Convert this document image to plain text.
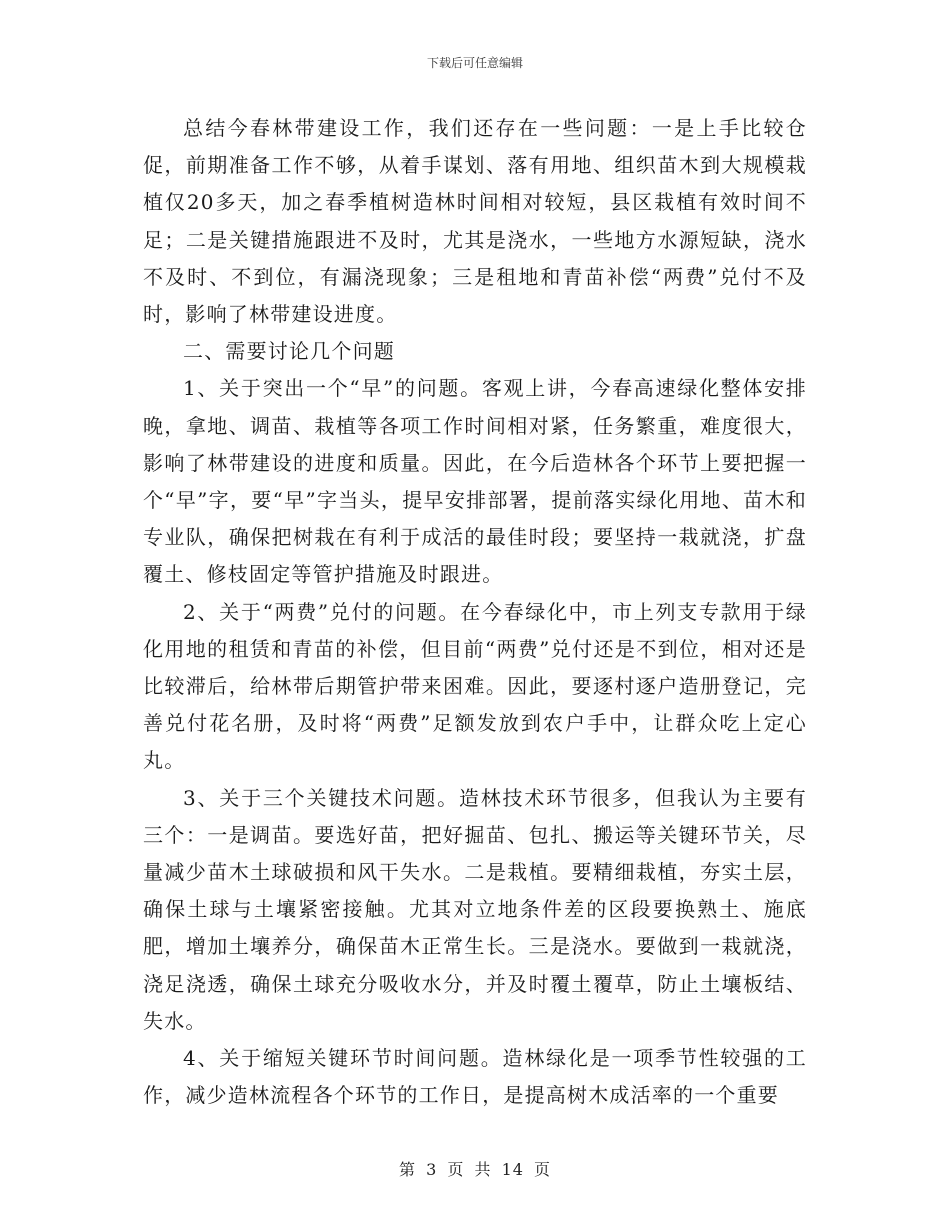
下载后可任意编辑

总结今春林带建设工作，我们还存在一些问题：一是上手比较仓促，前期准备工作不够，从着手谋划、落有用地、组织苗木到大规模栽植仅20多天，加之春季植树造林时间相对较短，县区栽植有效时间不足；二是关键措施跟进不及时，尤其是浇水，一些地方水源短缺，浇水不及时、不到位，有漏浇现象；三是租地和青苗补偿“两费”兑付不及时，影响了林带建设进度。

二、需要讨论几个问题

1、关于突出一个“早”的问题。客观上讲，今春高速绿化整体安排晚，拿地、调苗、栽植等各项工作时间相对紧，任务繁重，难度很大，影响了林带建设的进度和质量。因此，在今后造林各个环节上要把握一个“早”字，要“早”字当头，提早安排部署，提前落实绿化用地、苗木和专业队，确保把树栽在有利于成活的最佳时段；要坚持一栽就浇，扩盘覆土、修枝固定等管护措施及时跟进。

2、关于“两费”兑付的问题。在今春绿化中，市上列支专款用于绿化用地的租赁和青苗的补偿，但目前“两费”兑付还是不到位，相对还是比较滞后，给林带后期管护带来困难。因此，要逐村逐户造册登记，完善兑付花名册，及时将“两费”足额发放到农户手中，让群众吃上定心丸。

3、关于三个关键技术问题。造林技术环节很多，但我认为主要有三个：一是调苗。要选好苗，把好掘苗、包扎、搬运等关键环节关，尽量减少苗木土球破损和风干失水。二是栽植。要精细栽植，夯实土层，确保土球与土壤紧密接触。尤其对立地条件差的区段要换熟土、施底肥，增加土壤养分，确保苗木正常生长。三是浇水。要做到一栽就浇，浇足浇透，确保土球充分吸收水分，并及时覆土覆草，防止土壤板结、失水。

4、关于缩短关键环节时间问题。造林绿化是一项季节性较强的工作，减少造林流程各个环节的工作日，是提高树木成活率的一个重要

第 3 页 共 14 页
